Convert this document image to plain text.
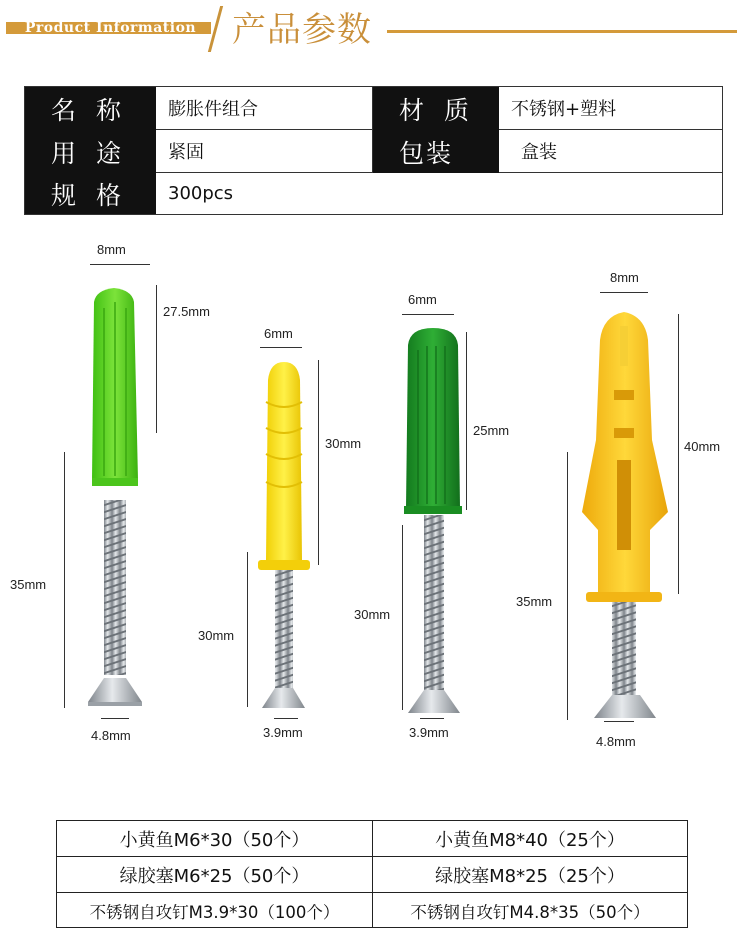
Product Information	产品参数
名 称	膨胀件组合	材 质	不锈钢+塑料
用 途	紧固	包装	盒装
规 格	300pcs
8mm
27.5mm
35mm
4.8mm
6mm
30mm
30mm
3.9mm
6mm
25mm
30mm
3.9mm
8mm
40mm
35mm
4.8mm
小黄鱼M6*30（50个）	小黄鱼M8*40（25个）
绿胶塞M6*25（50个）	绿胶塞M8*25（25个）
不锈钢自攻钉M3.9*30（100个）	不锈钢自攻钉M4.8*35（50个）
